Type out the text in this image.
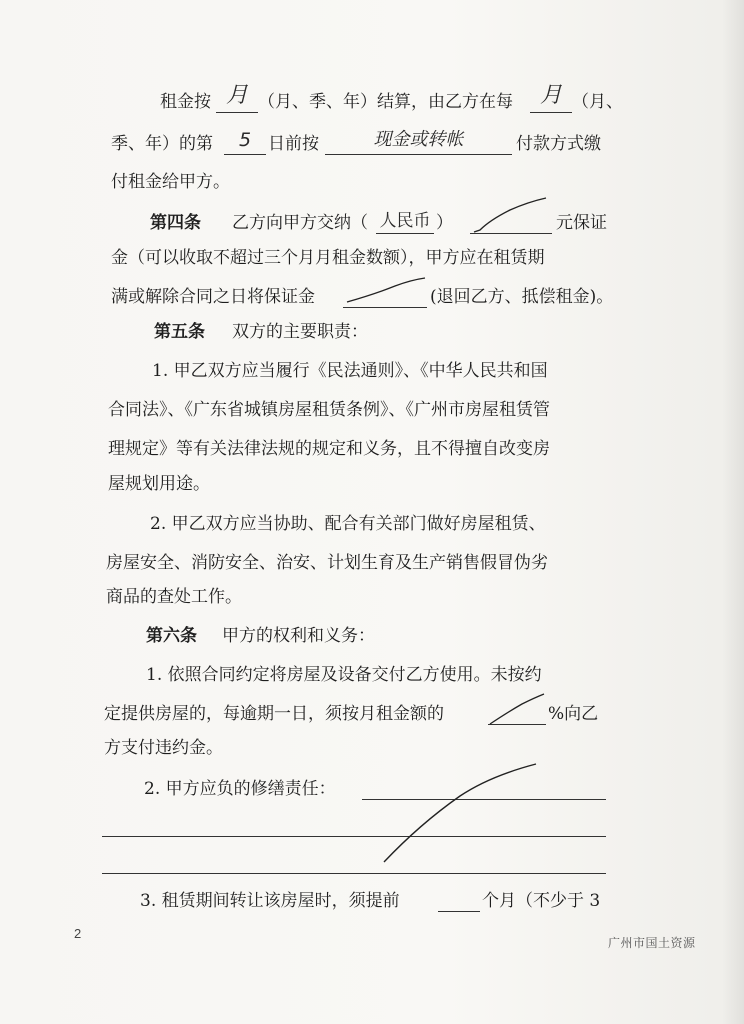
租金按 月 （月、季、年）结算，由乙方在每	月 （月、
季、年）的第	5 日前按	现金或转帐	付款方式缴
付租金给甲方。
第四条 乙方向甲方交纳（ 人民币 ）	元保证
金（可以收取不超过三个月月租金数额），甲方应在租赁期
满或解除合同之日将保证金	(退回乙方、抵偿租金)。
第五条 双方的主要职责：
1. 甲乙双方应当履行《民法通则》、《中华人民共和国
合同法》、《广东省城镇房屋租赁条例》、《广州市房屋租赁管
理规定》等有关法律法规的规定和义务，且不得擅自改变房
屋规划用途。
2. 甲乙双方应当协助、配合有关部门做好房屋租赁、
房屋安全、消防安全、治安、计划生育及生产销售假冒伪劣
商品的查处工作。
第六条 甲方的权利和义务：
1. 依照合同约定将房屋及设备交付乙方使用。未按约
定提供房屋的，每逾期一日，须按月租金额的	%向乙
方支付违约金。
2. 甲方应负的修缮责任：
3. 租赁期间转让该房屋时，须提前	个月（不少于 3
2
广州市国土资源
